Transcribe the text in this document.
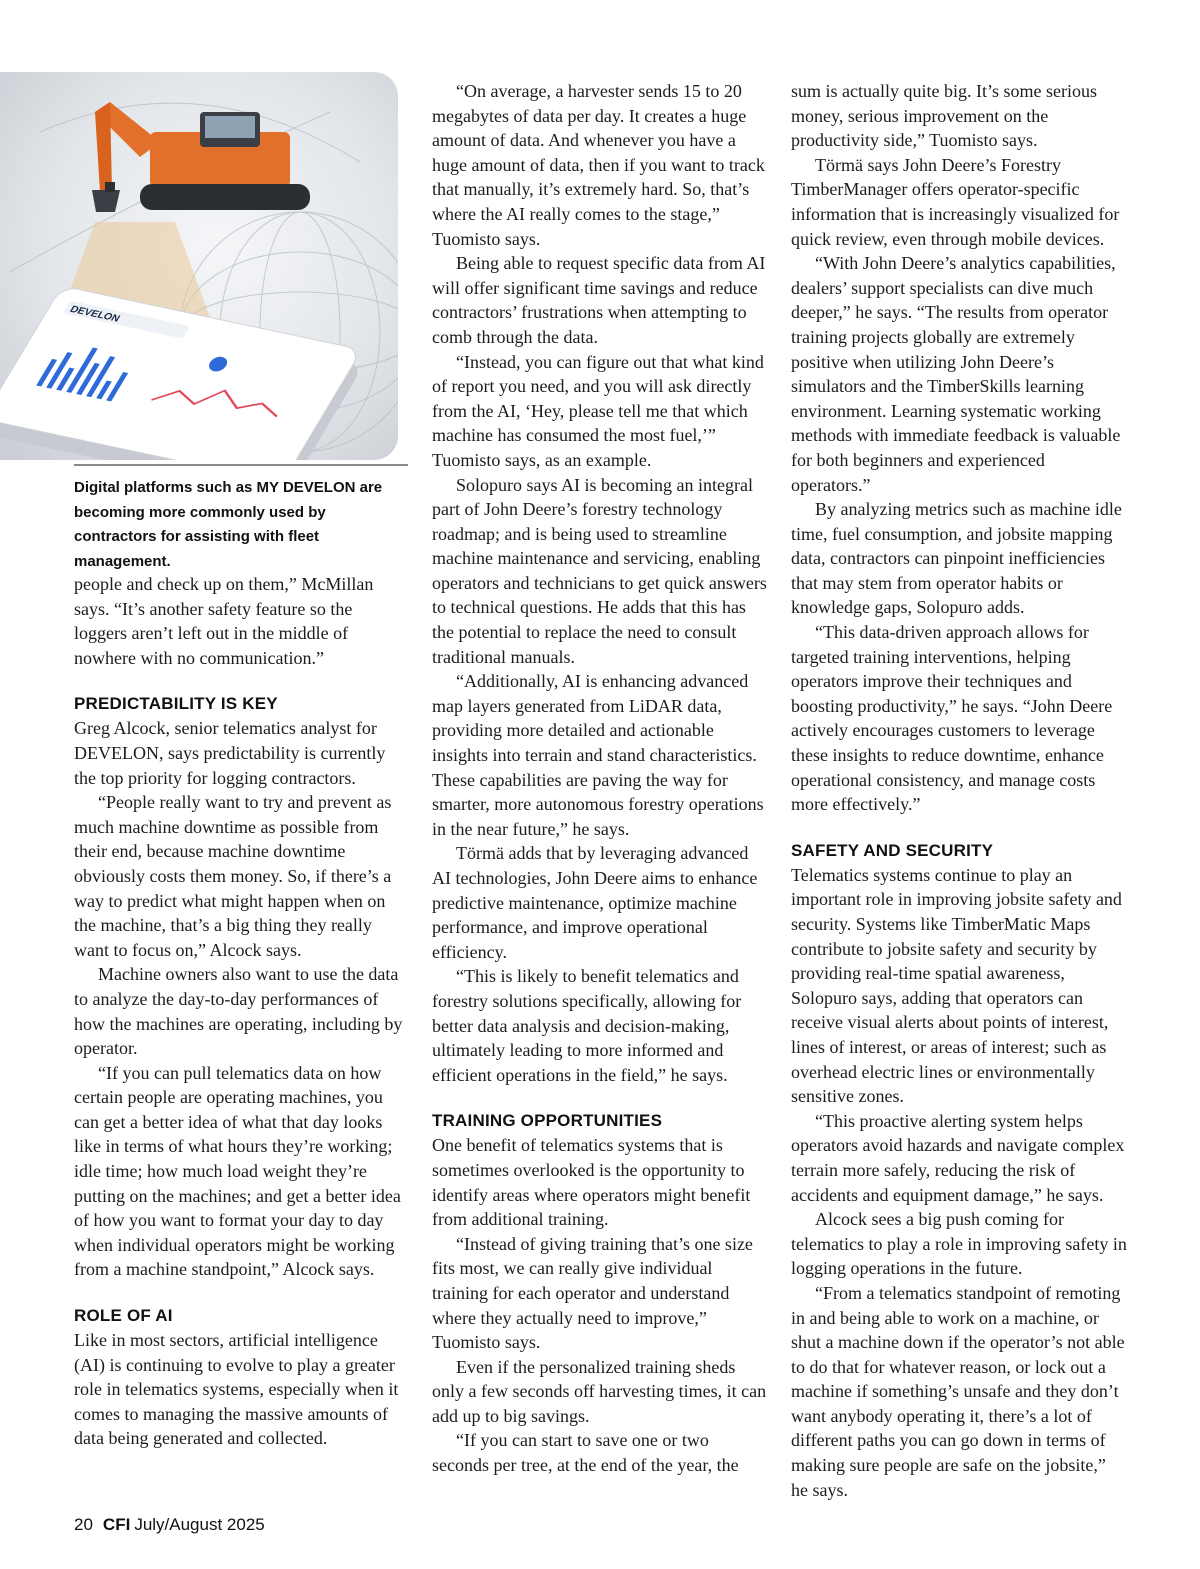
DEVELON
Digital platforms such as MY DEVELON are becoming more commonly used by contractors for assisting with fleet management.

people and check up on them,” McMillan says. “It’s another safety feature so the loggers aren’t left out in the middle of nowhere with no communication.”

PREDICTABILITY IS KEY

Greg Alcock, senior telematics analyst for DEVELON, says predictability is currently the top priority for logging contractors.

“People really want to try and prevent as much machine downtime as possible from their end, because machine downtime obviously costs them money. So, if there’s a way to predict what might happen when on the machine, that’s a big thing they really want to focus on,” Alcock says.

Machine owners also want to use the data to analyze the day-to-day performances of how the machines are operating, including by operator.

“If you can pull telematics data on how certain people are operating machines, you can get a better idea of what that day looks like in terms of what hours they’re working; idle time; how much load weight they’re putting on the machines; and get a better idea of how you want to format your day to day when individual operators might be working from a machine standpoint,” Alcock says.

ROLE OF AI

Like in most sectors, artificial intelligence (AI) is continuing to evolve to play a greater role in telematics systems, especially when it comes to managing the massive amounts of data being generated and collected.

“On average, a harvester sends 15 to 20 megabytes of data per day. It creates a huge amount of data. And whenever you have a huge amount of data, then if you want to track that manually, it’s extremely hard. So, that’s where the AI really comes to the stage,” Tuomisto says.

Being able to request specific data from AI will offer significant time savings and reduce contractors’ frustrations when attempting to comb through the data.

“Instead, you can figure out that what kind of report you need, and you will ask directly from the AI, ‘Hey, please tell me that which machine has consumed the most fuel,’” Tuomisto says, as an example.

Solopuro says AI is becoming an integral part of John Deere’s forestry technology roadmap; and is being used to streamline machine maintenance and servicing, enabling operators and technicians to get quick answers to technical questions. He adds that this has the potential to replace the need to consult traditional manuals.

“Additionally, AI is enhancing advanced map layers generated from LiDAR data, providing more detailed and actionable insights into terrain and stand characteristics. These capabilities are paving the way for smarter, more autonomous forestry operations in the near future,” he says.

Törmä adds that by leveraging advanced AI technologies, John Deere aims to enhance predictive maintenance, optimize machine performance, and improve operational efficiency.

“This is likely to benefit telematics and forestry solutions specifically, allowing for better data analysis and decision-making, ultimately leading to more informed and efficient operations in the field,” he says.

TRAINING OPPORTUNITIES

One benefit of telematics systems that is sometimes overlooked is the opportunity to identify areas where operators might benefit from additional training.

“Instead of giving training that’s one size fits most, we can really give individual training for each operator and understand where they actually need to improve,” Tuomisto says.

Even if the personalized training sheds only a few seconds off harvesting times, it can add up to big savings.

“If you can start to save one or two seconds per tree, at the end of the year, the

sum is actually quite big. It’s some serious money, serious improvement on the productivity side,” Tuomisto says.

Törmä says John Deere’s Forestry TimberManager offers operator-specific information that is increasingly visualized for quick review, even through mobile devices.

“With John Deere’s analytics capabilities, dealers’ support specialists can dive much deeper,” he says. “The results from operator training projects globally are extremely positive when utilizing John Deere’s simulators and the TimberSkills learning environment. Learning systematic working methods with immediate feedback is valuable for both beginners and experienced operators.”

By analyzing metrics such as machine idle time, fuel consumption, and jobsite mapping data, contractors can pinpoint inefficiencies that may stem from operator habits or knowledge gaps, Solopuro adds.

“This data-driven approach allows for targeted training interventions, helping operators improve their techniques and boosting productivity,” he says. “John Deere actively encourages customers to leverage these insights to reduce downtime, enhance operational consistency, and manage costs more effectively.”

SAFETY AND SECURITY

Telematics systems continue to play an important role in improving jobsite safety and security. Systems like TimberMatic Maps contribute to jobsite safety and security by providing real-time spatial awareness, Solopuro says, adding that operators can receive visual alerts about points of interest, lines of interest, or areas of interest; such as overhead electric lines or environmentally sensitive zones.

“This proactive alerting system helps operators avoid hazards and navigate complex terrain more safely, reducing the risk of accidents and equipment damage,” he says.

Alcock sees a big push coming for telematics to play a role in improving safety in logging operations in the future.

“From a telematics standpoint of remoting in and being able to work on a machine, or shut a machine down if the operator’s not able to do that for whatever reason, or lock out a machine if something’s unsafe and they don’t want anybody operating it, there’s a lot of different paths you can go down in terms of making sure people are safe on the jobsite,” he says.

20 CFI July/August 2025
